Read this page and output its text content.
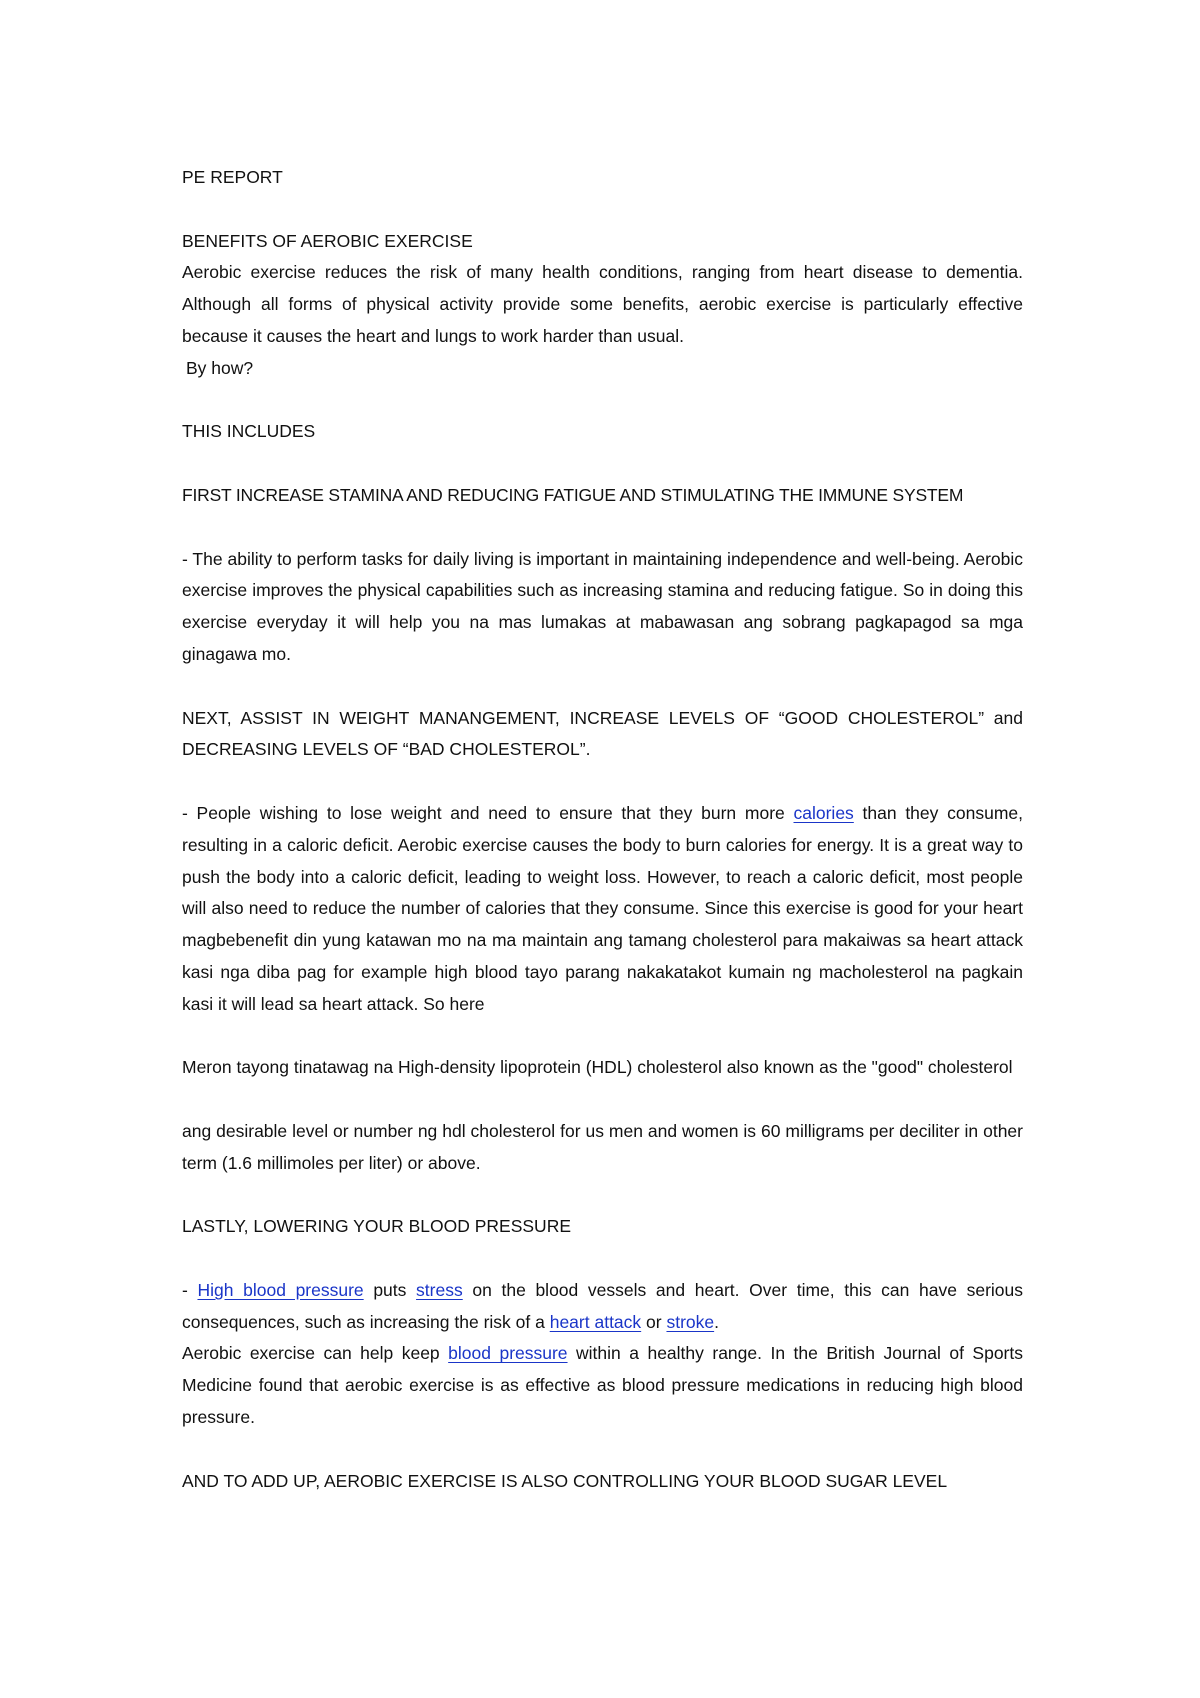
PE REPORT

BENEFITS OF AEROBIC EXERCISE

Aerobic exercise reduces the risk of many health conditions, ranging from heart disease to dementia. Although all forms of physical activity provide some benefits, aerobic exercise is particularly effective because it causes the heart and lungs to work harder than usual.

By how?

THIS INCLUDES

FIRST INCREASE STAMINA AND REDUCING FATIGUE AND STIMULATING THE IMMUNE SYSTEM

- The ability to perform tasks for daily living is important in maintaining independence and well-being. Aerobic exercise improves the physical capabilities such as increasing stamina and reducing fatigue. So in doing this exercise everyday it will help you na mas lumakas at mabawasan ang sobrang pagkapagod sa mga ginagawa mo.

NEXT, ASSIST IN WEIGHT MANANGEMENT, INCREASE LEVELS OF “GOOD CHOLESTEROL” and DECREASING LEVELS OF “BAD CHOLESTEROL”.

- People wishing to lose weight and need to ensure that they burn more calories than they consume, resulting in a caloric deficit. Aerobic exercise causes the body to burn calories for energy. It is a great way to push the body into a caloric deficit, leading to weight loss. However, to reach a caloric deficit, most people will also need to reduce the number of calories that they consume. Since this exercise is good for your heart magbebenefit din yung katawan mo na ma maintain ang tamang cholesterol para makaiwas sa heart attack kasi nga diba pag for example high blood tayo parang nakakatakot kumain ng macholesterol na pagkain kasi it will lead sa heart attack. So here

Meron tayong tinatawag na High-density lipoprotein (HDL) cholesterol also known as the "good" cholesterol

ang desirable level or number ng hdl cholesterol for us men and women is 60 milligrams per deciliter in other term (1.6 millimoles per liter) or above.

LASTLY, LOWERING YOUR BLOOD PRESSURE

- High blood pressure puts stress on the blood vessels and heart. Over time, this can have serious consequences, such as increasing the risk of a heart attack or stroke.

Aerobic exercise can help keep blood pressure within a healthy range. In the British Journal of Sports Medicine found that aerobic exercise is as effective as blood pressure medications in reducing high blood pressure.

AND TO ADD UP, AEROBIC EXERCISE IS ALSO CONTROLLING YOUR BLOOD SUGAR LEVEL
